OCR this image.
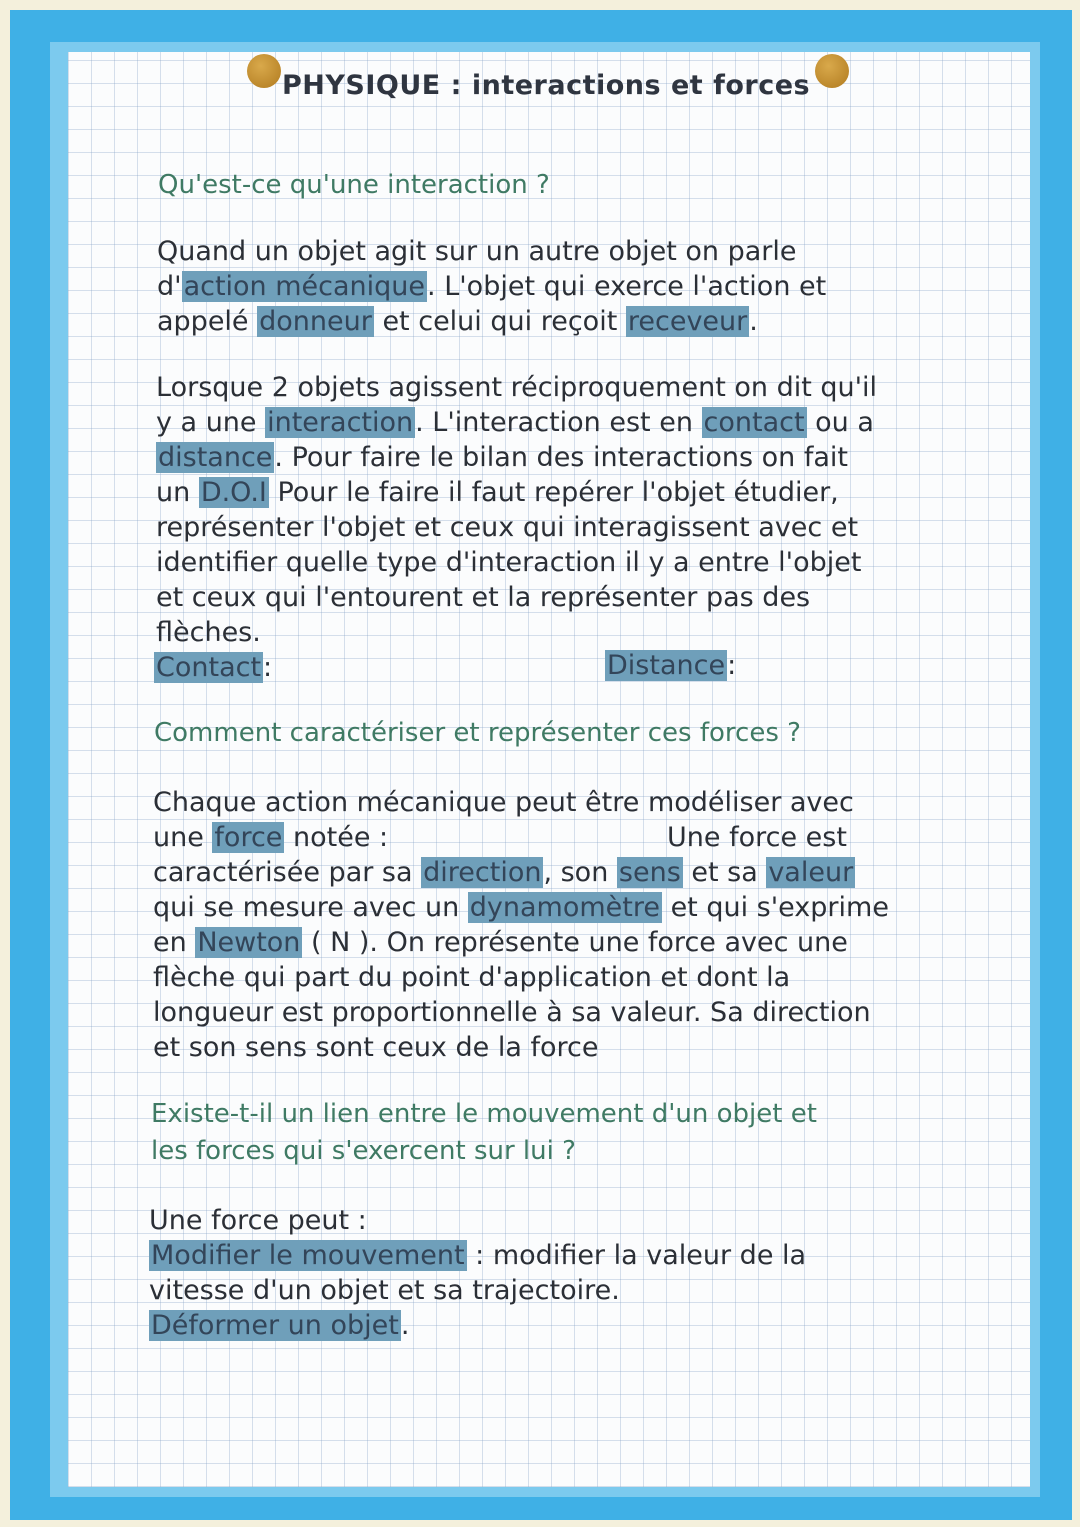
PHYSIQUE : interactions et forces
Qu'est-ce qu'une interaction ?
Quand un objet agit sur un autre objet on parle
d'action mécanique. L'objet qui exerce l'action et
appelé donneur et celui qui reçoit receveur.
Lorsque 2 objets agissent réciproquement on dit qu'il
y a une interaction. L'interaction est en contact ou a
distance. Pour faire le bilan des interactions on fait
un D.O.I Pour le faire il faut repérer l'objet étudier,
représenter l'objet et ceux qui interagissent avec et
identifier quelle type d'interaction il y a entre l'objet
et ceux qui l'entourent et la représenter pas des
flèches.
Contact:	Distance:
Comment caractériser et représenter ces forces ?
Chaque action mécanique peut être modéliser avec
une force notée :	Une force est
caractérisée par sa direction, son sens et sa valeur
qui se mesure avec un dynamomètre et qui s'exprime
en Newton ( N ). On représente une force avec une
flèche qui part du point d'application et dont la
longueur est proportionnelle à sa valeur. Sa direction
et son sens sont ceux de la force
Existe-t-il un lien entre le mouvement d'un objet et
les forces qui s'exercent sur lui ?
Une force peut :
Modifier le mouvement : modifier la valeur de la
vitesse d'un objet et sa trajectoire.
Déformer un objet.
